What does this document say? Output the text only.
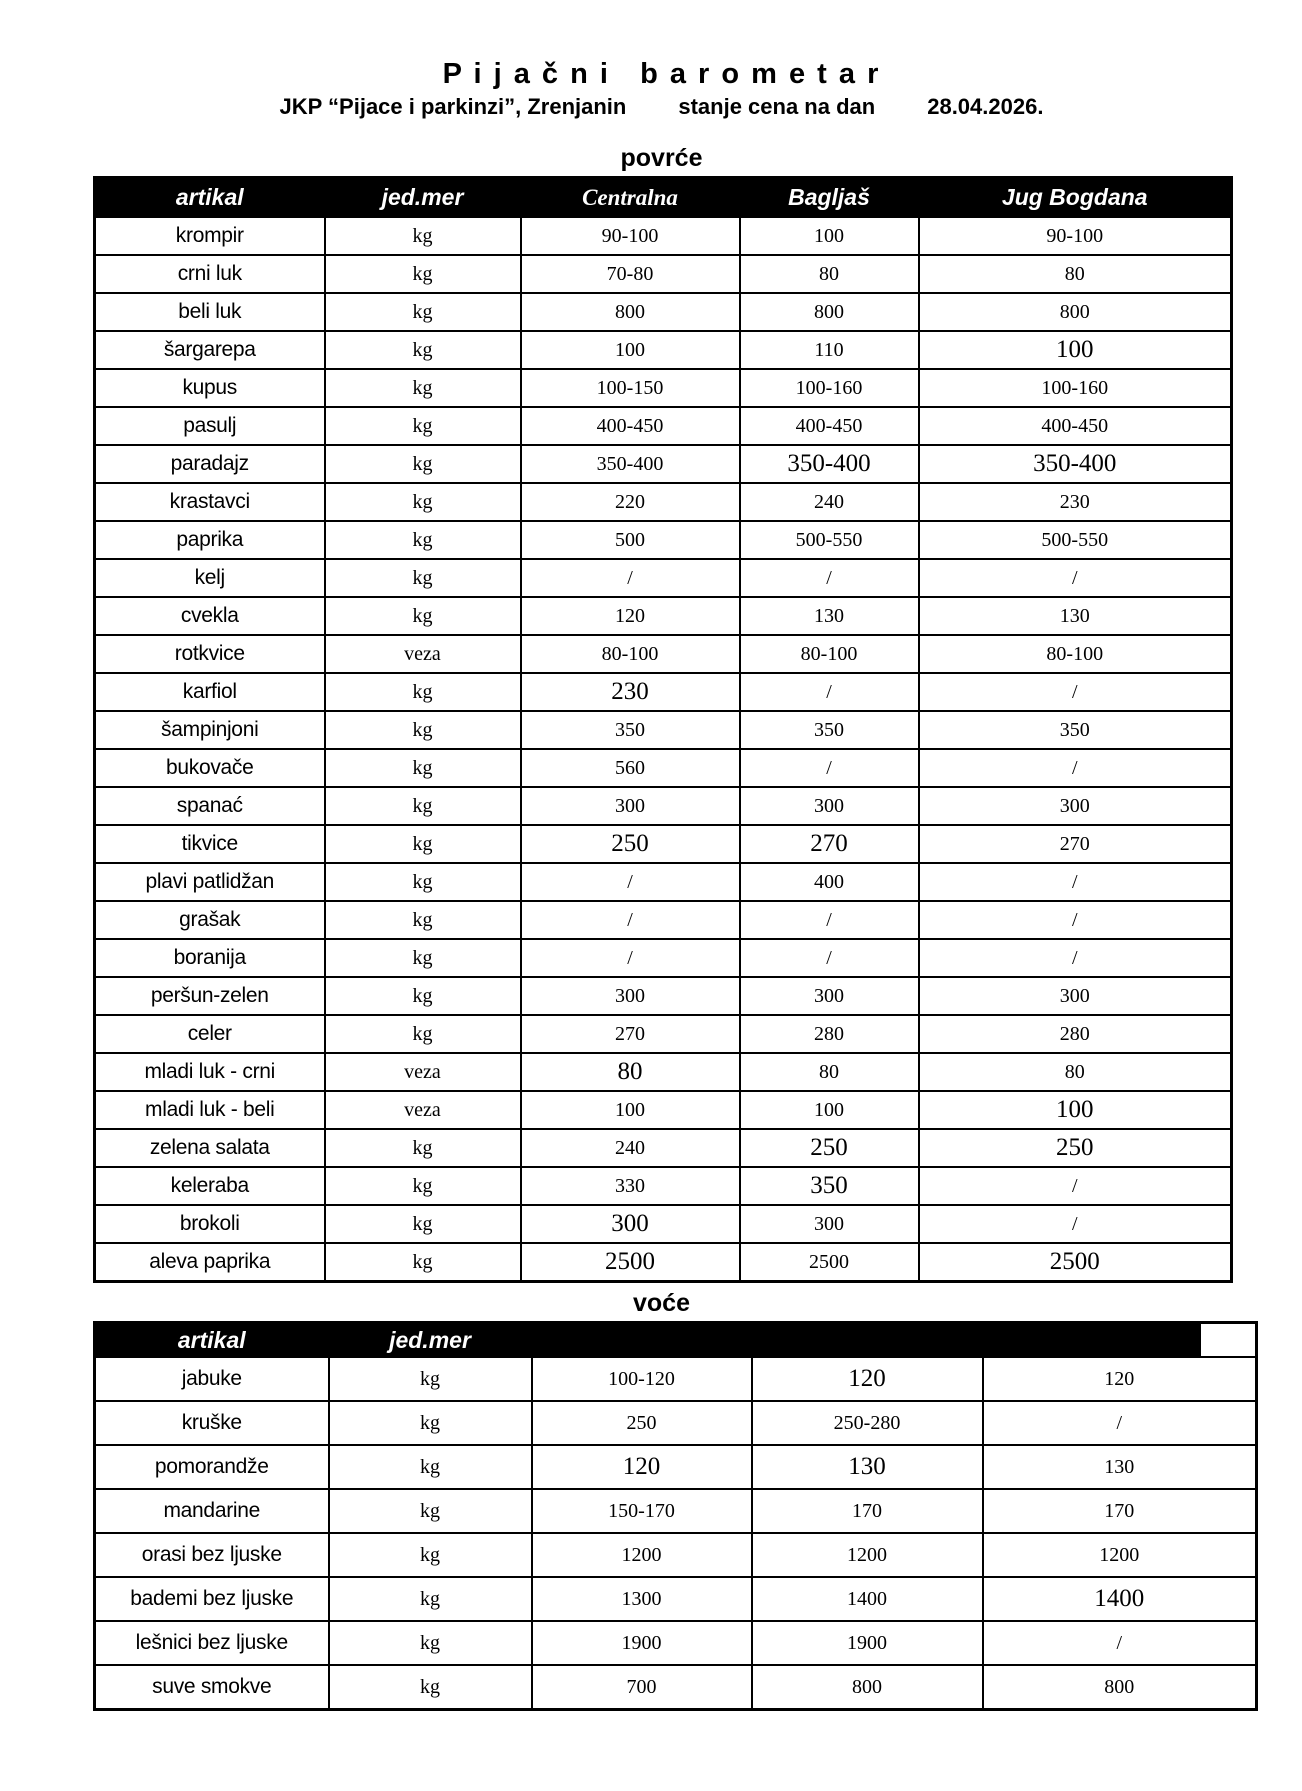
P i j a č n i   b a r o m e t a r
JKP “Pijace i parkinzi”, Zrenjanin stanje cena na dan 28.04.2026.
povrće
artikal	jed.mer	Centralna	Bagljaš	Jug Bogdana
krompir	kg	90-100	100	90-100
crni luk	kg	70-80	80	80
beli luk	kg	800	800	800
šargarepa	kg	100	110	100
kupus	kg	100-150	100-160	100-160
pasulj	kg	400-450	400-450	400-450
paradajz	kg	350-400	350-400	350-400
krastavci	kg	220	240	230
paprika	kg	500	500-550	500-550
kelj	kg	/	/	/
cvekla	kg	120	130	130
rotkvice	veza	80-100	80-100	80-100
karfiol	kg	230	/	/
šampinjoni	kg	350	350	350
bukovače	kg	560	/	/
spanać	kg	300	300	300
tikvice	kg	250	270	270
plavi patlidžan	kg	/	400	/
grašak	kg	/	/	/
boranija	kg	/	/	/
peršun-zelen	kg	300	300	300
celer	kg	270	280	280
mladi luk - crni	veza	80	80	80
mladi luk - beli	veza	100	100	100
zelena salata	kg	240	250	250
keleraba	kg	330	350	/
brokoli	kg	300	300	/
aleva paprika	kg	2500	2500	2500
voće
artikal	jed.mer			
jabuke	kg	100-120	120	120
kruške	kg	250	250-280	/
pomorandže	kg	120	130	130
mandarine	kg	150-170	170	170
orasi bez ljuske	kg	1200	1200	1200
bademi bez ljuske	kg	1300	1400	1400
lešnici bez ljuske	kg	1900	1900	/
suve smokve	kg	700	800	800
